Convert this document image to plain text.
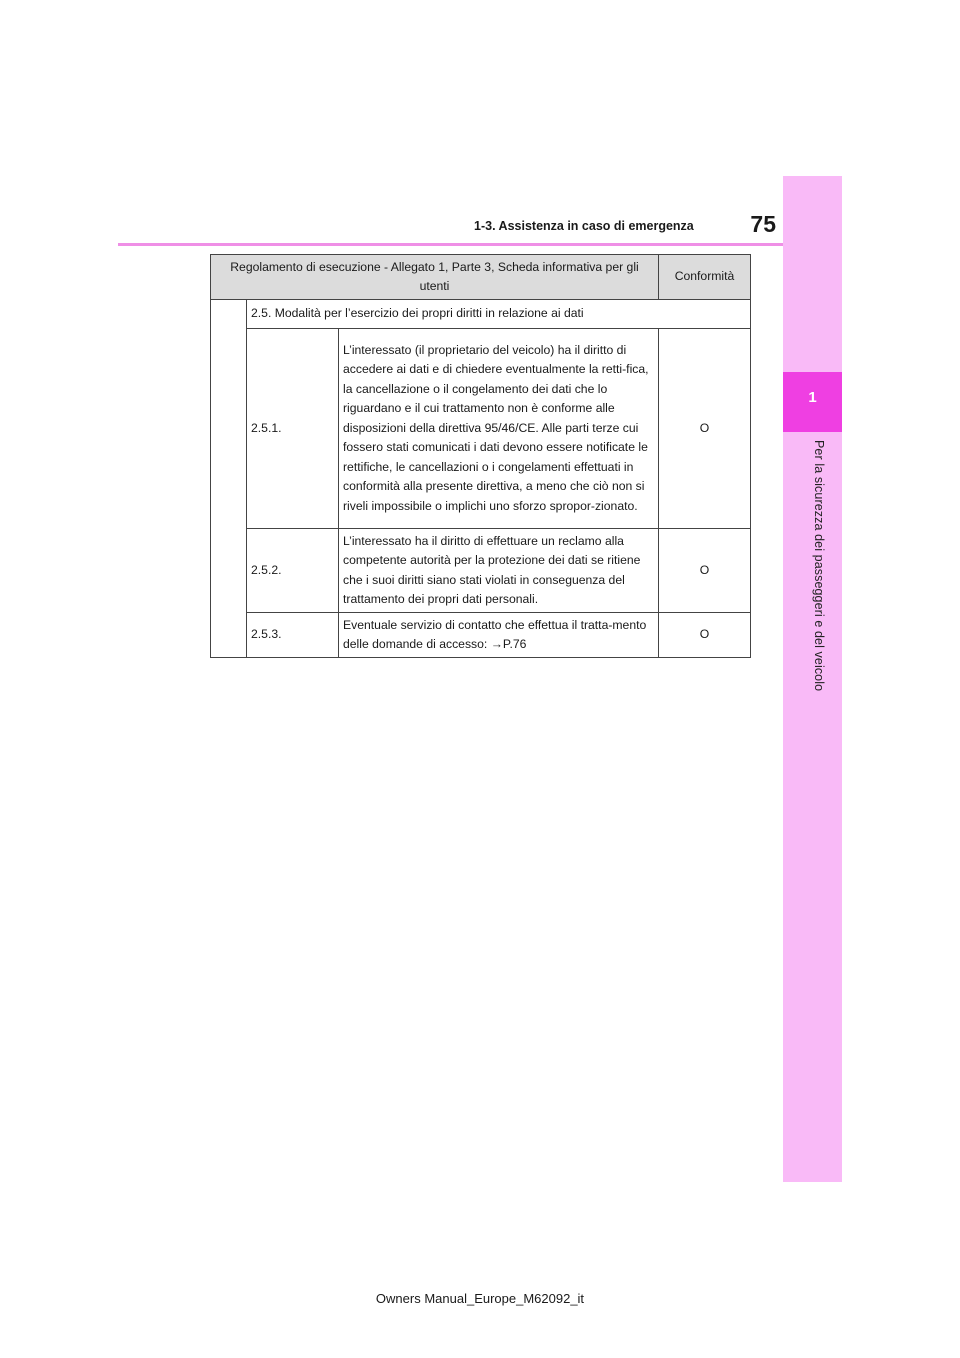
1
Per la sicurezza dei passeggeri e del veicolo
75
1-3. Assistenza in caso di emergenza
Regolamento di esecuzione - Allegato 1, Parte 3, Scheda informativa per gli utenti			Conformità
	2.5. Modalità per l’esercizio dei propri diritti in relazione ai dati		
	2.5.1.	L’interessato (il proprietario del veicolo) ha il diritto di accedere ai dati e di chiedere eventualmente la retti-fica, la cancellazione o il congelamento dei dati che lo riguardano e il cui trattamento non è conforme alle disposizioni della direttiva 95/46/CE. Alle parti terze cui fossero stati comunicati i dati devono essere notificate le rettifiche, le cancellazioni o i congelamenti effettuati in conformità alla presente direttiva, a meno che ciò non si riveli impossibile o implichi uno sforzo spropor-zionato.	O
	2.5.2.	L’interessato ha il diritto di effettuare un reclamo alla competente autorità per la protezione dei dati se ritiene che i suoi diritti siano stati violati in conseguenza del trattamento dei propri dati personali.	O
	2.5.3.	Eventuale servizio di contatto che effettua il tratta-mento delle domande di accesso: →P.76	O
Owners Manual_Europe_M62092_it
